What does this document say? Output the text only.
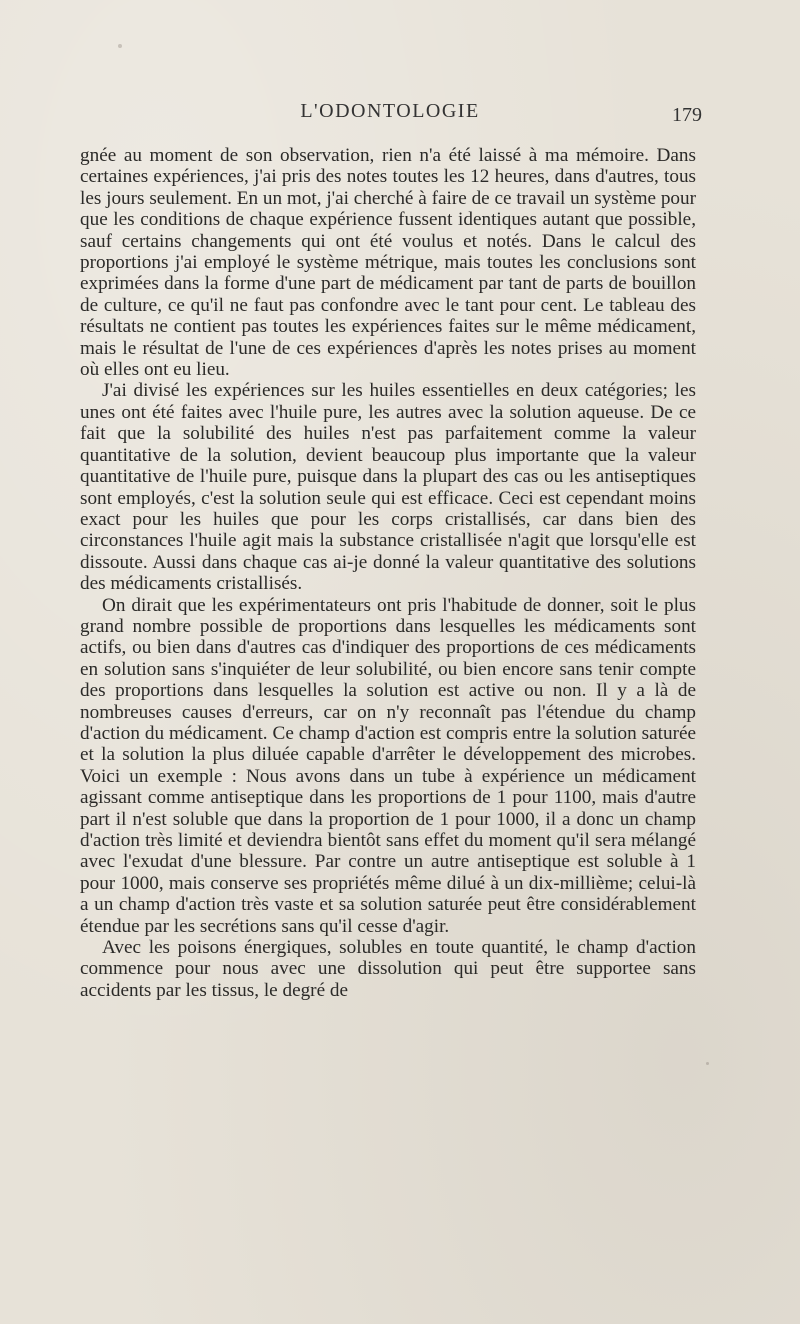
L'ODONTOLOGIE	179

gnée au moment de son observation, rien n'a été laissé à ma mémoire. Dans certaines expériences, j'ai pris des notes toutes les 12 heures, dans d'autres, tous les jours seulement. En un mot, j'ai cherché à faire de ce travail un système pour que les conditions de chaque expérience fussent identiques autant que possible, sauf certains changements qui ont été voulus et notés. Dans le calcul des proportions j'ai employé le système métrique, mais toutes les conclusions sont exprimées dans la forme d'une part de médicament par tant de parts de bouillon de culture, ce qu'il ne faut pas confondre avec le tant pour cent. Le tableau des résultats ne contient pas toutes les expériences faites sur le même médicament, mais le résultat de l'une de ces expériences d'après les notes prises au moment où elles ont eu lieu.

J'ai divisé les expériences sur les huiles essentielles en deux catégories; les unes ont été faites avec l'huile pure, les autres avec la solution aqueuse. De ce fait que la solubilité des huiles n'est pas parfaitement comme la valeur quantitative de la solution, devient beaucoup plus importante que la valeur quantitative de l'huile pure, puisque dans la plupart des cas ou les antiseptiques sont employés, c'est la solution seule qui est efficace. Ceci est cependant moins exact pour les huiles que pour les corps cristallisés, car dans bien des circonstances l'huile agit mais la substance cristallisée n'agit que lorsqu'elle est dissoute. Aussi dans chaque cas ai-je donné la valeur quantitative des solutions des médicaments cristallisés.

On dirait que les expérimentateurs ont pris l'habitude de donner, soit le plus grand nombre possible de proportions dans lesquelles les médicaments sont actifs, ou bien dans d'autres cas d'indiquer des proportions de ces médicaments en solution sans s'inquiéter de leur solubilité, ou bien encore sans tenir compte des proportions dans lesquelles la solution est active ou non. Il y a là de nombreuses causes d'erreurs, car on n'y reconnaît pas l'étendue du champ d'action du médicament. Ce champ d'action est compris entre la solution saturée et la solution la plus diluée capable d'arrêter le développement des microbes. Voici un exemple : Nous avons dans un tube à expérience un médicament agissant comme antiseptique dans les proportions de 1 pour 1100, mais d'autre part il n'est soluble que dans la proportion de 1 pour 1000, il a donc un champ d'action très limité et deviendra bientôt sans effet du moment qu'il sera mélangé avec l'exudat d'une blessure. Par contre un autre antiseptique est soluble à 1 pour 1000, mais conserve ses propriétés même dilué à un dix-millième; celui-là a un champ d'action très vaste et sa solution saturée peut être considérablement étendue par les secrétions sans qu'il cesse d'agir.

Avec les poisons énergiques, solubles en toute quantité, le champ d'action commence pour nous avec une dissolution qui peut être supportee sans accidents par les tissus, le degré de
